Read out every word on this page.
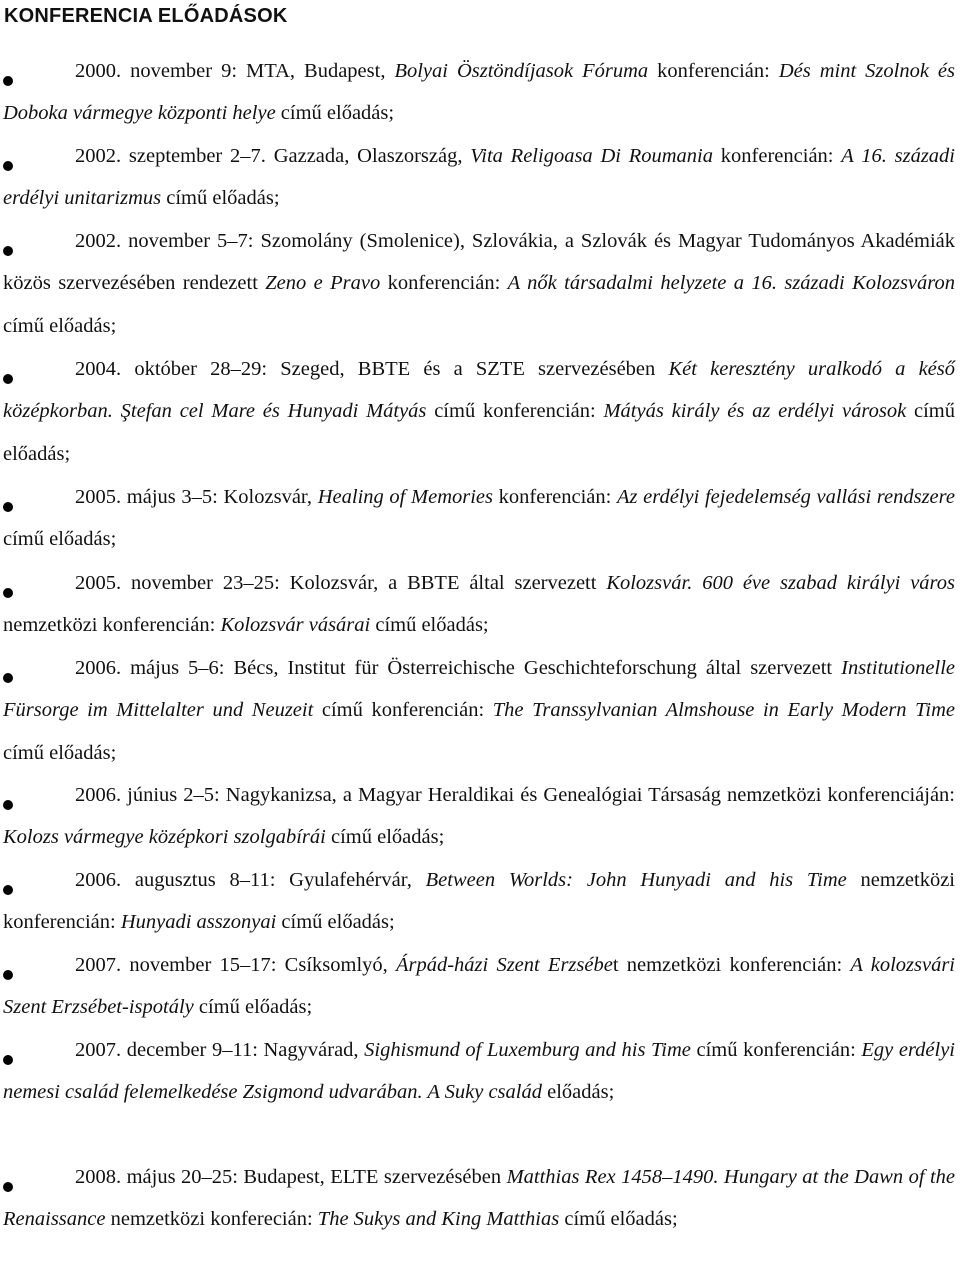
KONFERENCIA ELŐADÁSOK
2000. november 9: MTA, Budapest, Bolyai Ösztöndíjasok Fóruma konferencián: Dés mint Szolnok és Doboka vármegye központi helye című előadás;
2002. szeptember 2–7. Gazzada, Olaszország, Vita Religoasa Di Roumania konferencián: A 16. századi erdélyi unitarizmus című előadás;
2002. november 5–7: Szomolány (Smolenice), Szlovákia, a Szlovák és Magyar Tudományos Akadémiák közös szervezésében rendezett Zeno e Pravo konferencián: A nők társadalmi helyzete a 16. századi Kolozsváron című előadás;
2004. október 28–29: Szeged, BBTE és a SZTE szervezésében Két keresztény uralkodó a késő középkorban. Ştefan cel Mare és Hunyadi Mátyás című konferencián: Mátyás király és az erdélyi városok című előadás;
2005. május 3–5: Kolozsvár, Healing of Memories konferencián: Az erdélyi fejedelemség vallási rendszere című előadás;
2005. november 23–25: Kolozsvár, a BBTE által szervezett Kolozsvár. 600 éve szabad királyi város nemzetközi konferencián: Kolozsvár vásárai című előadás;
2006. május 5–6: Bécs, Institut für Österreichische Geschichteforschung által szervezett Institutionelle Fürsorge im Mittelalter und Neuzeit című konferencián: The Transsylvanian Almshouse in Early Modern Time című előadás;
2006. június 2–5: Nagykanizsa, a Magyar Heraldikai és Genealógiai Társaság nemzetközi konferenciáján: Kolozs vármegye középkori szolgabírái című előadás;
2006. augusztus 8–11: Gyulafehérvár, Between Worlds: John Hunyadi and his Time nemzetközi konferencián: Hunyadi asszonyai című előadás;
2007. november 15–17: Csíksomlyó, Árpád-házi Szent Erzsébet nemzetközi konferencián: A kolozsvári Szent Erzsébet-ispotály című előadás;
2007. december 9–11: Nagyvárad, Sighismund of Luxemburg and his Time című konferencián: Egy erdélyi nemesi család felemelkedése Zsigmond udvarában. A Suky család előadás;
2008. május 20–25: Budapest, ELTE szervezésében Matthias Rex 1458–1490. Hungary at the Dawn of the Renaissance nemzetközi konferecián: The Sukys and King Matthias című előadás;
